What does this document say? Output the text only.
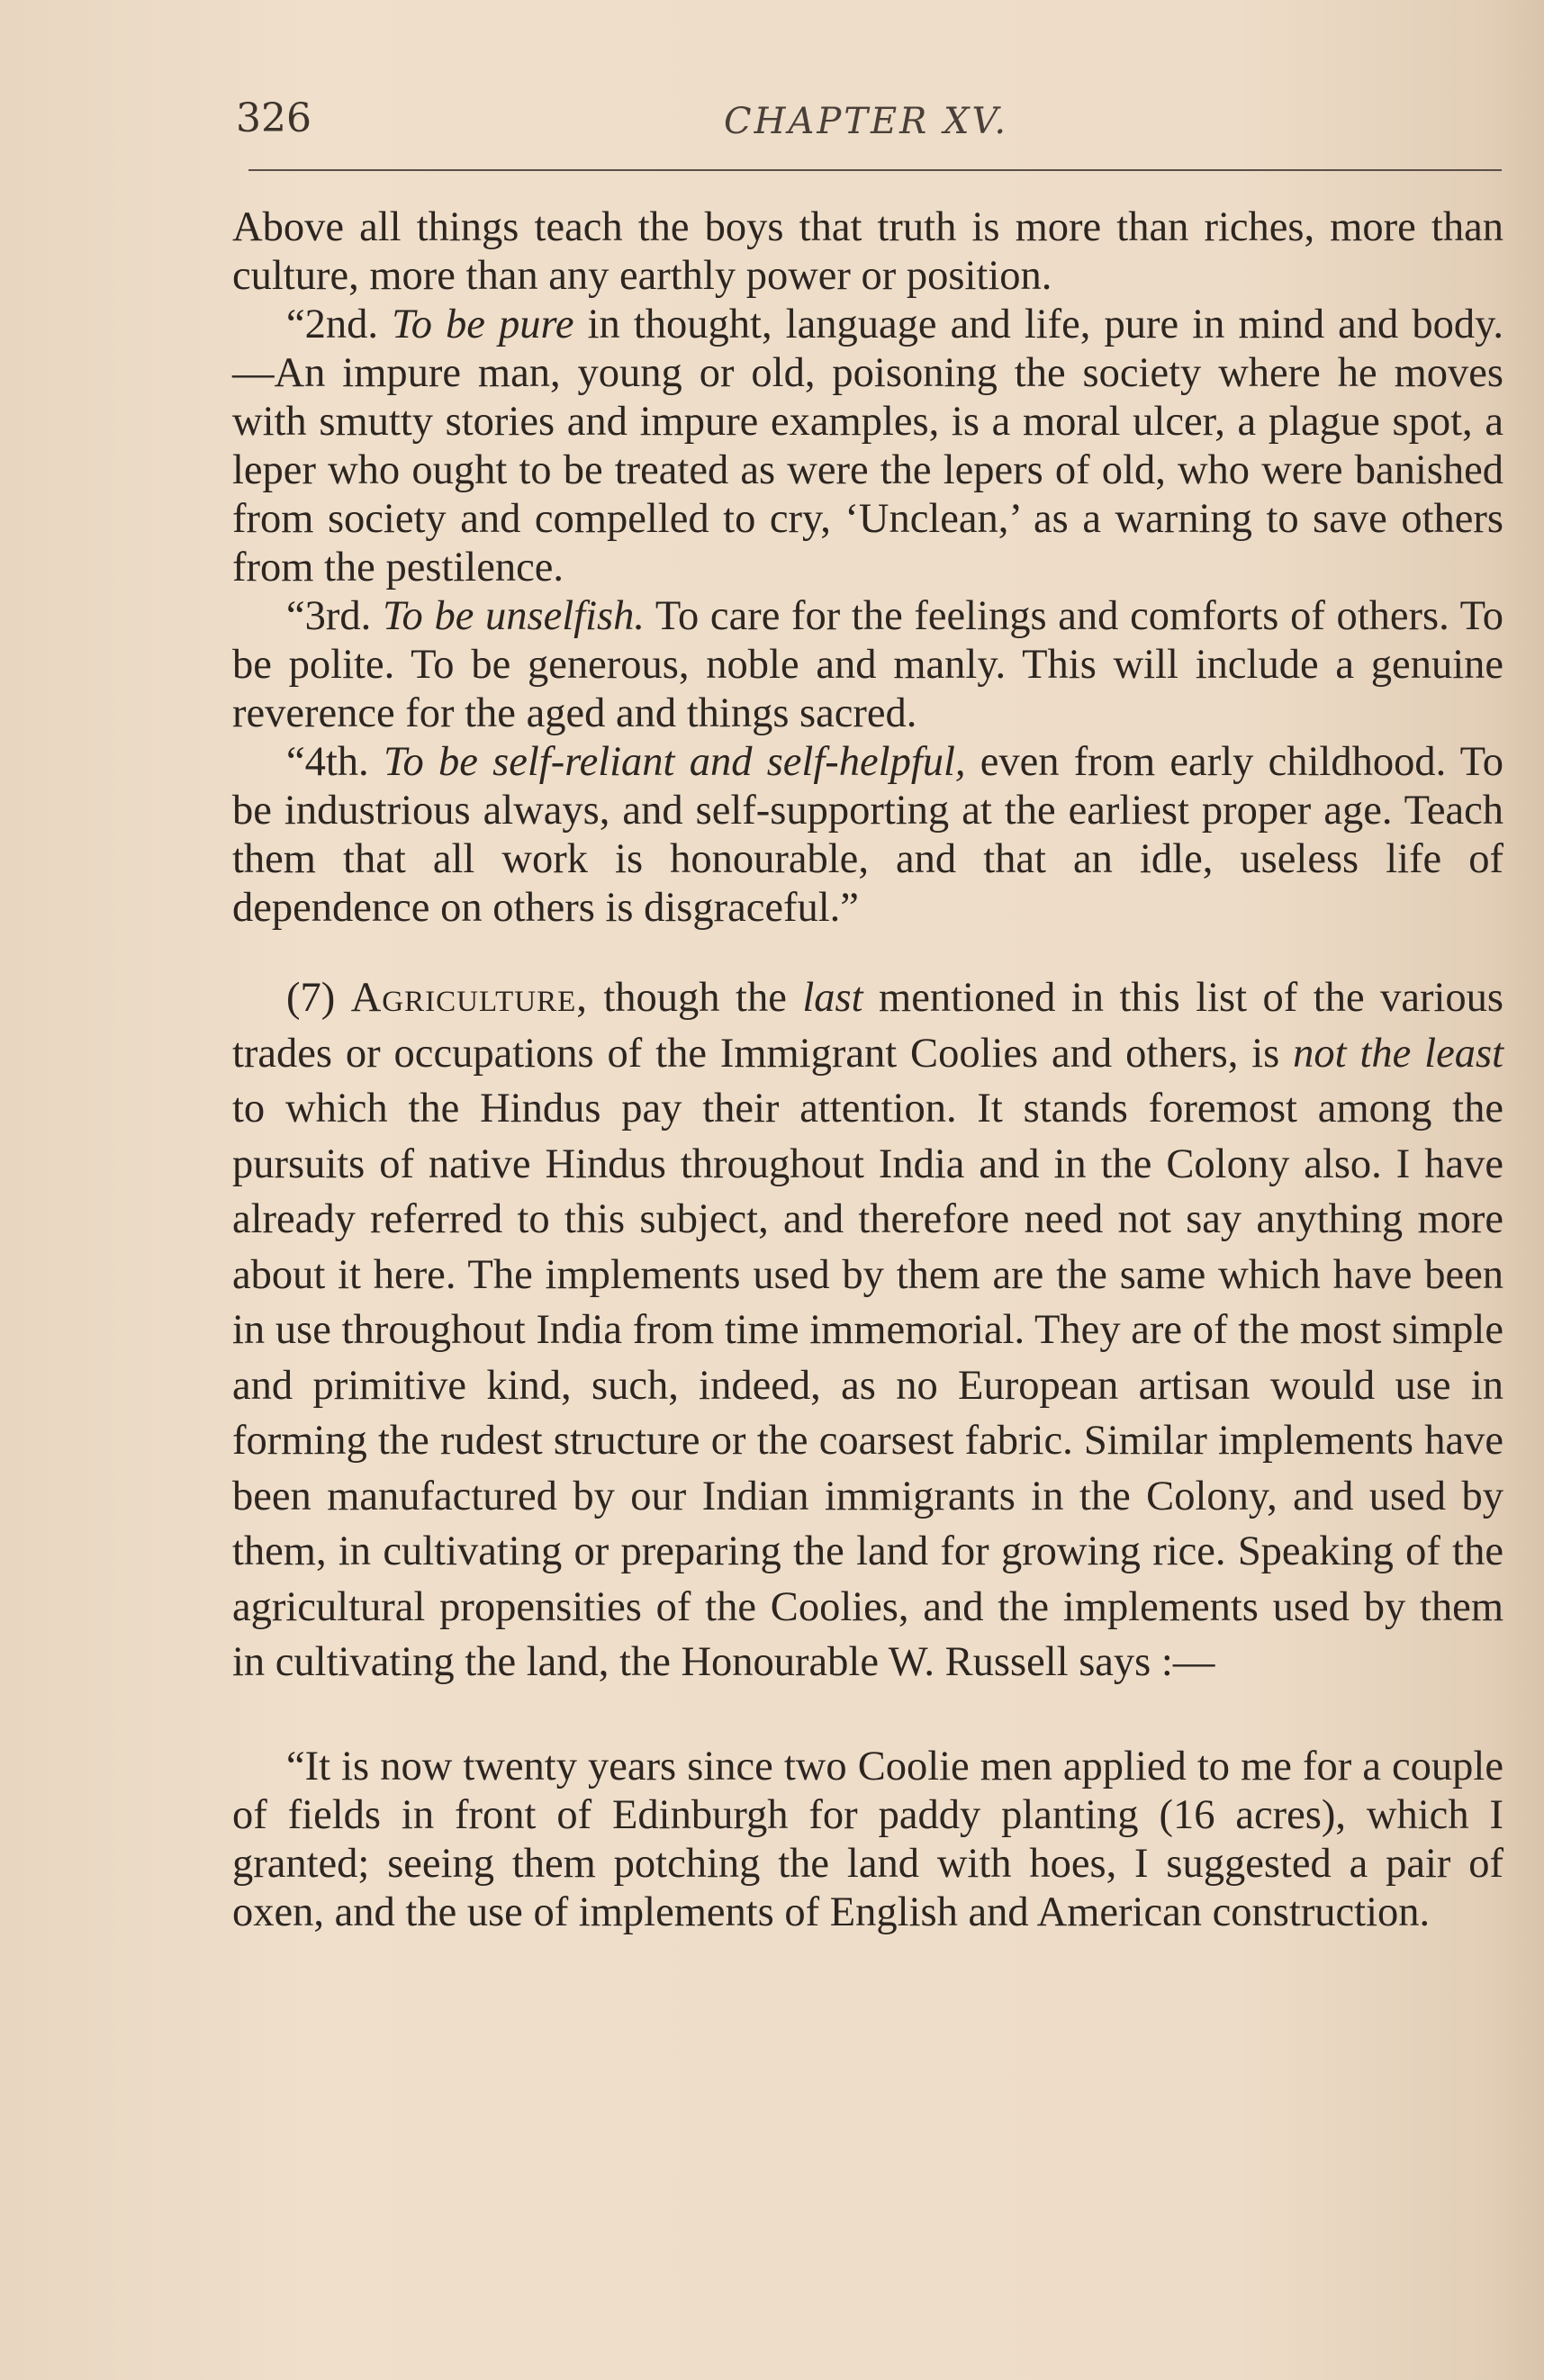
326	CHAPTER XV.

Above all things teach the boys that truth is more than riches, more than culture, more than any earthly power or position.

“2nd. To be pure in thought, language and life, pure in mind and body.—An impure man, young or old, poisoning the society where he moves with smutty stories and impure examples, is a moral ulcer, a plague spot, a leper who ought to be treated as were the lepers of old, who were banished from society and compelled to cry, ‘Unclean,’ as a warning to save others from the pestilence.

“3rd. To be unselfish. To care for the feelings and comforts of others. To be polite. To be generous, noble and manly. This will include a genuine reverence for the aged and things sacred.

“4th. To be self-reliant and self-helpful, even from early childhood. To be industrious always, and self-supporting at the earliest proper age. Teach them that all work is honourable, and that an idle, useless life of dependence on others is disgraceful.”

(7) Agriculture, though the last mentioned in this list of the various trades or occupations of the Immigrant Coolies and others, is not the least to which the Hindus pay their attention. It stands foremost among the pursuits of native Hindus throughout India and in the Colony also. I have already referred to this subject, and therefore need not say anything more about it here. The implements used by them are the same which have been in use throughout India from time immemorial. They are of the most simple and primitive kind, such, indeed, as no European artisan would use in forming the rudest structure or the coarsest fabric. Similar implements have been manufactured by our Indian immigrants in the Colony, and used by them, in cultivating or preparing the land for growing rice. Speaking of the agricultural propensities of the Coolies, and the implements used by them in cultivating the land, the Honourable W. Russell says :—

“It is now twenty years since two Coolie men applied to me for a couple of fields in front of Edinburgh for paddy planting (16 acres), which I granted; seeing them potching the land with hoes, I suggested a pair of oxen, and the use of implements of English and American construction.
